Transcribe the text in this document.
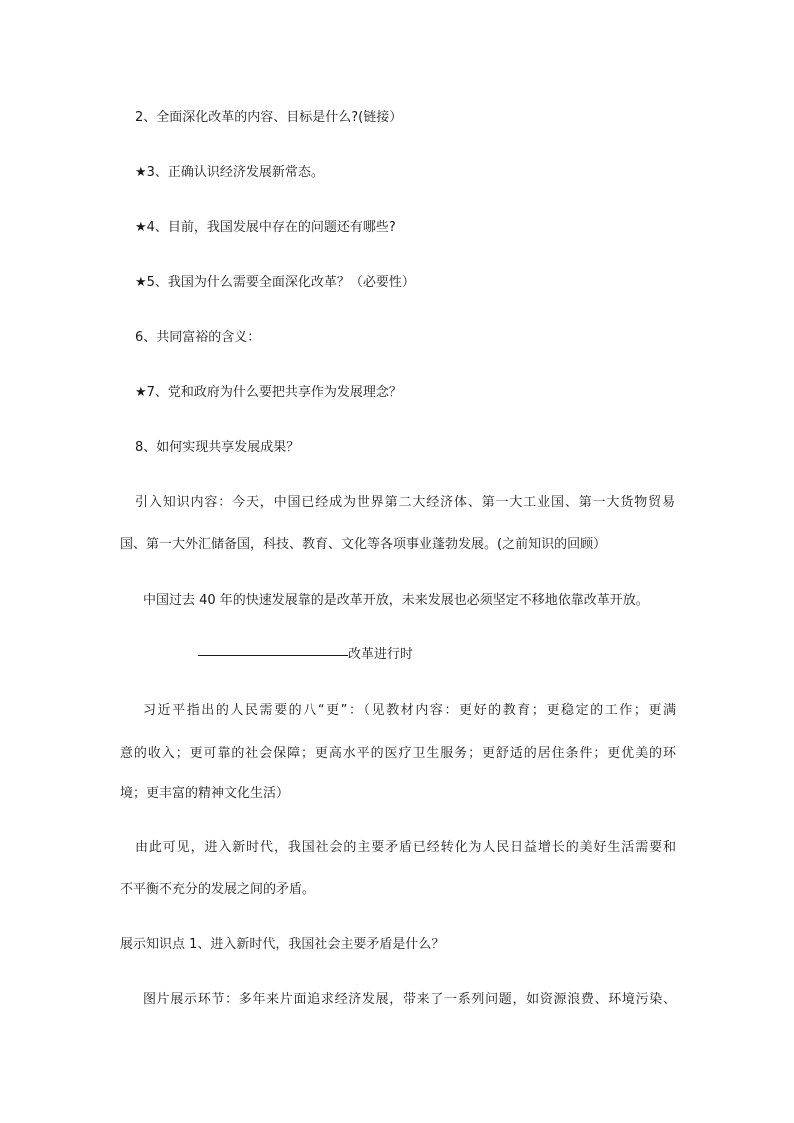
2、全面深化改革的内容、目标是什么?(链接）
★3、正确认识经济发展新常态。
★4、目前，我国发展中存在的问题还有哪些?
★5、我国为什么需要全面深化改革？（必要性）
6、共同富裕的含义：
★7、党和政府为什么要把共享作为发展理念？
8、如何实现共享发展成果？
引入知识内容：今天，中国已经成为世界第二大经济体、第一大工业国、第一大货物贸易
国、第一大外汇储备国，科技、教育、文化等各项事业蓬勃发展。(之前知识的回顾）
中国过去 40 年的快速发展靠的是改革开放，未来发展也必须坚定不移地依靠改革开放。
改革进行时
习近平指出的人民需要的八“更”：（见教材内容：更好的教育；更稳定的工作；更满
意的收入；更可靠的社会保障；更高水平的医疗卫生服务；更舒适的居住条件；更优美的环
境；更丰富的精神文化生活）
由此可见，进入新时代，我国社会的主要矛盾已经转化为人民日益增长的美好生活需要和
不平衡不充分的发展之间的矛盾。
展示知识点 1、进入新时代，我国社会主要矛盾是什么？
图片展示环节：多年来片面追求经济发展，带来了一系列问题，如资源浪费、环境污染、
